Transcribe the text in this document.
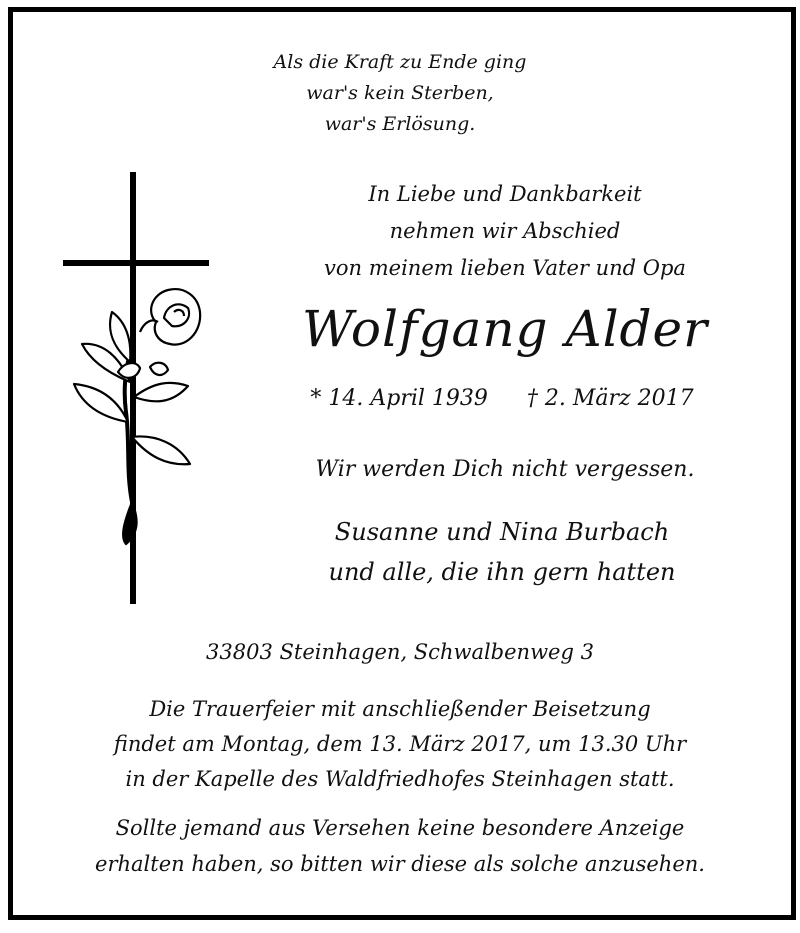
Als die Kraft zu Ende ging
war's kein Sterben,
war's Erlösung.
In Liebe und Dankbarkeit
nehmen wir Abschied
von meinem lieben Vater und Opa
Wolfgang Alder
* 14. April 1939 † 2. März 2017
Wir werden Dich nicht vergessen.
Susanne und Nina Burbach
und alle, die ihn gern hatten
33803 Steinhagen, Schwalbenweg 3
Die Trauerfeier mit anschließender Beisetzung
findet am Montag, dem 13. März 2017, um 13.30 Uhr
in der Kapelle des Waldfriedhofes Steinhagen statt.
Sollte jemand aus Versehen keine besondere Anzeige
erhalten haben, so bitten wir diese als solche anzusehen.
